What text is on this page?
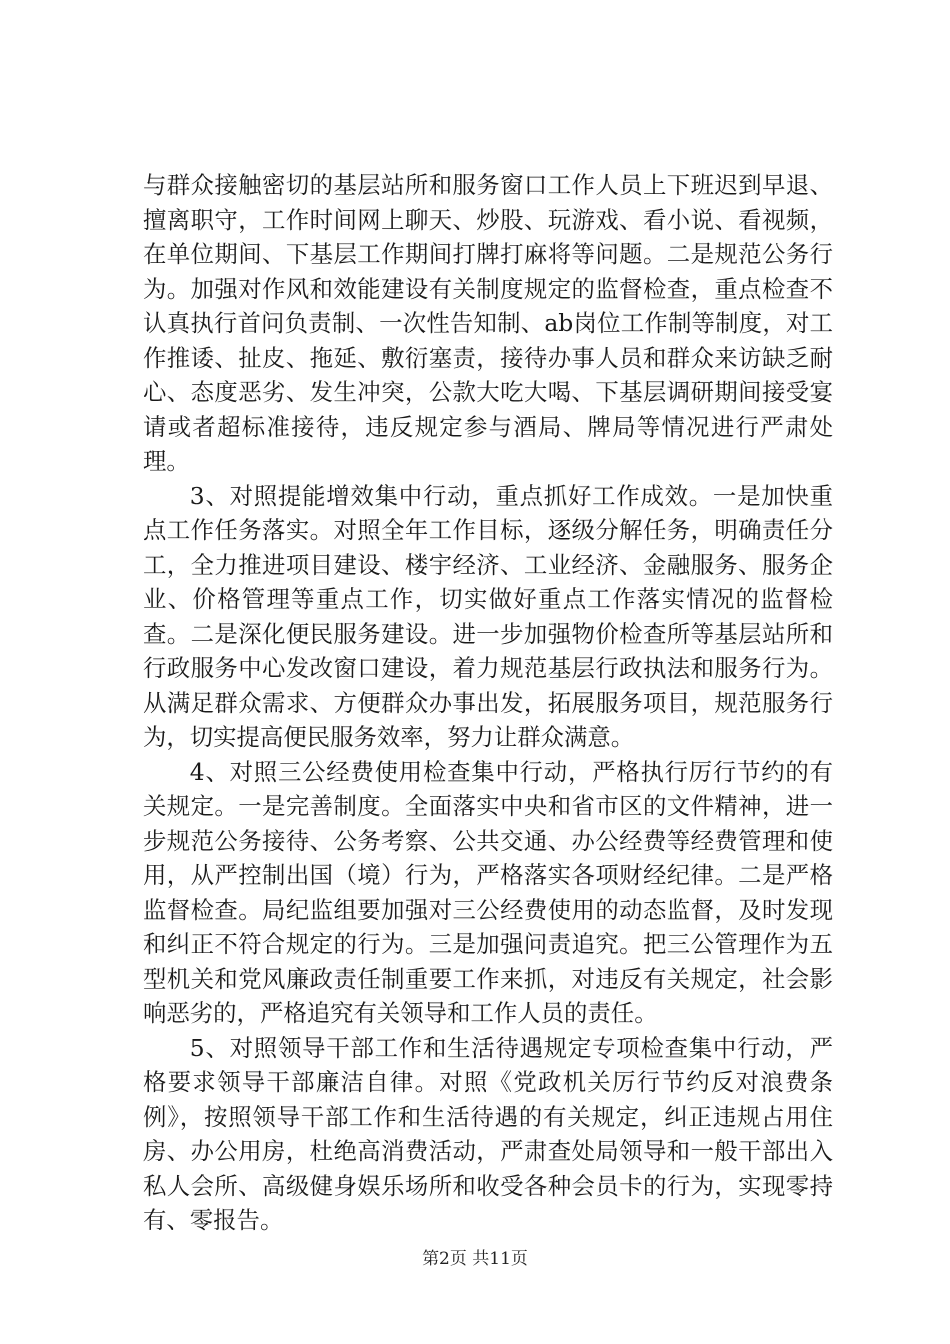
与群众接触密切的基层站所和服务窗口工作人员上下班迟到早退、擅离职守，工作时间网上聊天、炒股、玩游戏、看小说、看视频，在单位期间、下基层工作期间打牌打麻将等问题。二是规范公务行为。加强对作风和效能建设有关制度规定的监督检查，重点检查不认真执行首问负责制、一次性告知制、ab岗位工作制等制度，对工作推诿、扯皮、拖延、敷衍塞责，接待办事人员和群众来访缺乏耐心、态度恶劣、发生冲突，公款大吃大喝、下基层调研期间接受宴请或者超标准接待，违反规定参与酒局、牌局等情况进行严肃处理。

3、对照提能增效集中行动，重点抓好工作成效。一是加快重点工作任务落实。对照全年工作目标，逐级分解任务，明确责任分工，全力推进项目建设、楼宇经济、工业经济、金融服务、服务企业、价格管理等重点工作，切实做好重点工作落实情况的监督检查。二是深化便民服务建设。进一步加强物价检查所等基层站所和行政服务中心发改窗口建设，着力规范基层行政执法和服务行为。从满足群众需求、方便群众办事出发，拓展服务项目，规范服务行为，切实提高便民服务效率，努力让群众满意。

4、对照三公经费使用检查集中行动，严格执行厉行节约的有关规定。一是完善制度。全面落实中央和省市区的文件精神，进一步规范公务接待、公务考察、公共交通、办公经费等经费管理和使用，从严控制出国（境）行为，严格落实各项财经纪律。二是严格监督检查。局纪监组要加强对三公经费使用的动态监督，及时发现和纠正不符合规定的行为。三是加强问责追究。把三公管理作为五型机关和党风廉政责任制重要工作来抓，对违反有关规定，社会影响恶劣的，严格追究有关领导和工作人员的责任。

5、对照领导干部工作和生活待遇规定专项检查集中行动，严格要求领导干部廉洁自律。对照《党政机关厉行节约反对浪费条例》，按照领导干部工作和生活待遇的有关规定，纠正违规占用住房、办公用房，杜绝高消费活动，严肃查处局领导和一般干部出入私人会所、高级健身娱乐场所和收受各种会员卡的行为，实现零持有、零报告。

第2页 共11页
